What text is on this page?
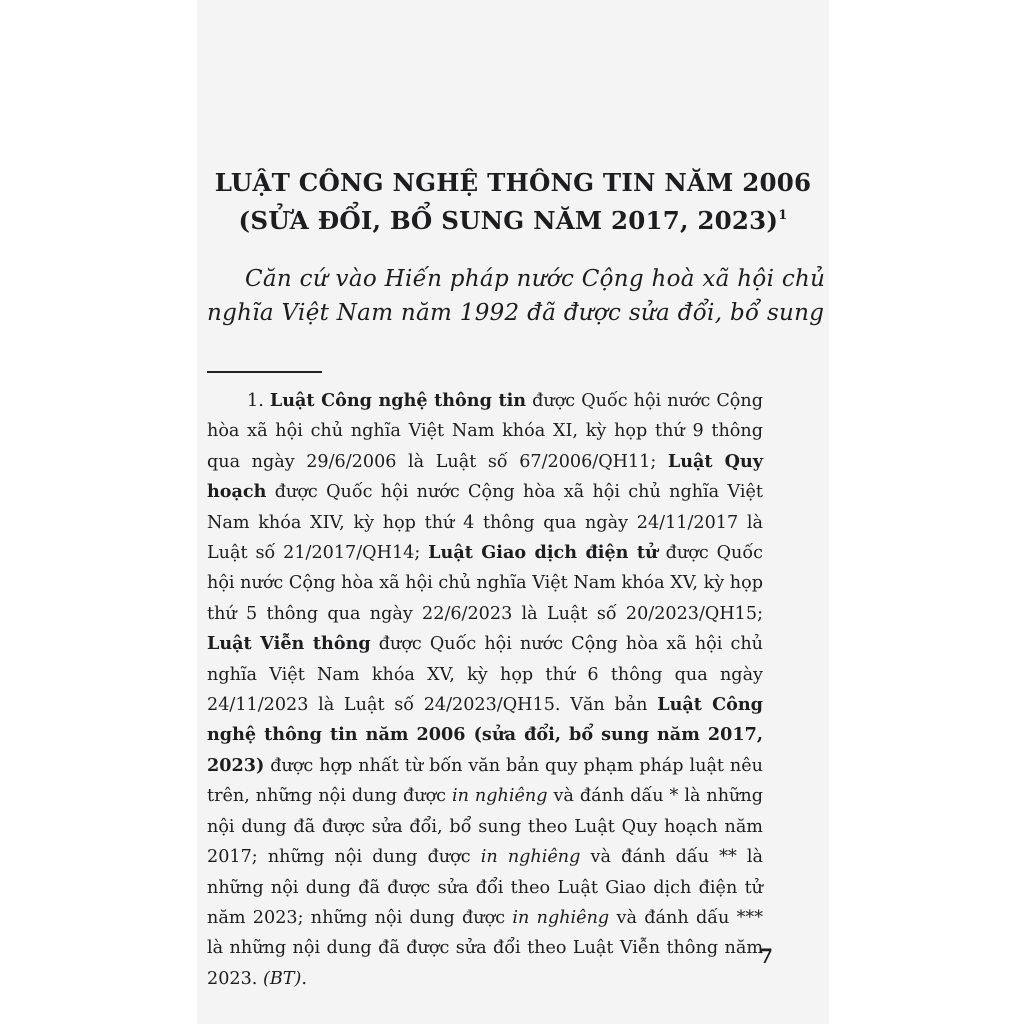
LUẬT CÔNG NGHỆ THÔNG TIN NĂM 2006
(SỬA ĐỔI, BỔ SUNG NĂM 2017, 2023)$^1$
Căn cứ vào Hiến pháp nước Cộng hoà xã hội chủ
nghĩa Việt Nam năm 1992 đã được sửa đổi, bổ sung
1. Luật Công nghệ thông tin được Quốc hội nước Cộng hòa xã hội chủ nghĩa Việt Nam khóa XI, kỳ họp thứ 9 thông qua ngày 29/6/2006 là Luật số 67/2006/QH11; Luật Quy hoạch được Quốc hội nước Cộng hòa xã hội chủ nghĩa Việt Nam khóa XIV, kỳ họp thứ 4 thông qua ngày 24/11/2017 là Luật số 21/2017/QH14; Luật Giao dịch điện tử được Quốc hội nước Cộng hòa xã hội chủ nghĩa Việt Nam khóa XV, kỳ họp thứ 5 thông qua ngày 22/6/2023 là Luật số 20/2023/QH15; Luật Viễn thông được Quốc hội nước Cộng hòa xã hội chủ nghĩa Việt Nam khóa XV, kỳ họp thứ 6 thông qua ngày 24/11/2023 là Luật số 24/2023/QH15. Văn bản Luật Công nghệ thông tin năm 2006 (sửa đổi, bổ sung năm 2017, 2023) được hợp nhất từ bốn văn bản quy phạm pháp luật nêu trên, những nội dung được in nghiêng và đánh dấu * là những nội dung đã được sửa đổi, bổ sung theo Luật Quy hoạch năm 2017; những nội dung được in nghiêng và đánh dấu ** là những nội dung đã được sửa đổi theo Luật Giao dịch điện tử năm 2023; những nội dung được in nghiêng và đánh dấu *** là những nội dung đã được sửa đổi theo Luật Viễn thông năm 2023. (BT).
7
